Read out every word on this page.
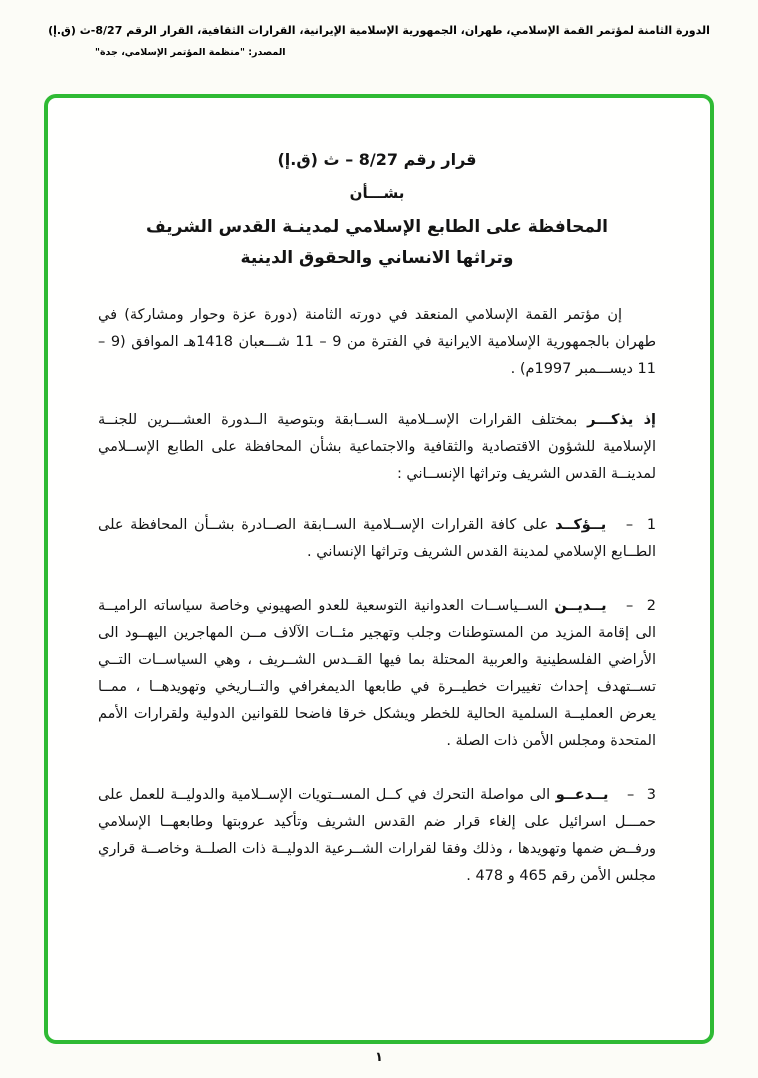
الدورة الثامنة لمؤتمر القمة الإسلامي، طهران، الجمهورية الإسلامية الإيرانية، القرارات الثقافية، القرار الرقم 8/27-ث (ق.إ)
المصدر: "منظمة المؤتمر الإسلامي، جدة"
قرار رقم 8/27 – ث (ق.إ)
بشـــأن
المحافظة على الطابع الإسلامي لمدينـة القدس الشريف
وتراثها الانساني والحقوق الدينية

إن مؤتمر القمة الإسلامي المنعقد في دورته الثامنة (دورة عزة وحوار ومشاركة) في طهران بالجمهورية الإسلامية الايرانية في الفترة من 9 – 11 شـــعبان 1418هـ الموافق (9 – 11 ديســـمبر 1997م) .

إذ يذكـــر بمختلف القرارات الإســلامية الســابقة وبتوصية الــدورة العشـــرين للجنــة الإسلامية للشؤون الاقتصادية والثقافية والاجتماعية بشأن المحافظة على الطابع الإســلامي لمدينــة القدس الشريف وتراثها الإنســاني :

1 – يــؤكــد على كافة القرارات الإســلامية الســابقة الصــادرة بشــأن المحافظة على الطــابع الإسلامي لمدينة القدس الشريف وتراثها الإنساني .

2 – يــديــن الســياســات العدوانية التوسعية للعدو الصهيوني وخاصة سياساته الراميــة الى إقامة المزيد من المستوطنات وجلب وتهجير مئــات الآلاف مــن المهاجرين اليهــود الى الأراضي الفلسطينية والعربية المحتلة بما فيها القــدس الشــريف ، وهي السياســات التــي تســتهدف إحداث تغييرات خطيــرة في طابعها الديمغرافي والتــاريخي وتهويدهــا ، ممــا يعرض العمليــة السلمية الحالية للخطر ويشكل خرقا فاضحا للقوانين الدولية ولقرارات الأمم المتحدة ومجلس الأمن ذات الصلة .

3 – يــدعــو الى مواصلة التحرك في كــل المســتويات الإســلامية والدوليــة للعمل على حمـــل اسرائيل على إلغاء قرار ضم القدس الشريف وتأكيد عروبتها وطابعهــا الإسلامي ورفــض ضمها وتهويدها ، وذلك وفقا لقرارات الشــرعية الدوليــة ذات الصلــة وخاصــة قراري مجلس الأمن رقم 465 و 478 .

١
